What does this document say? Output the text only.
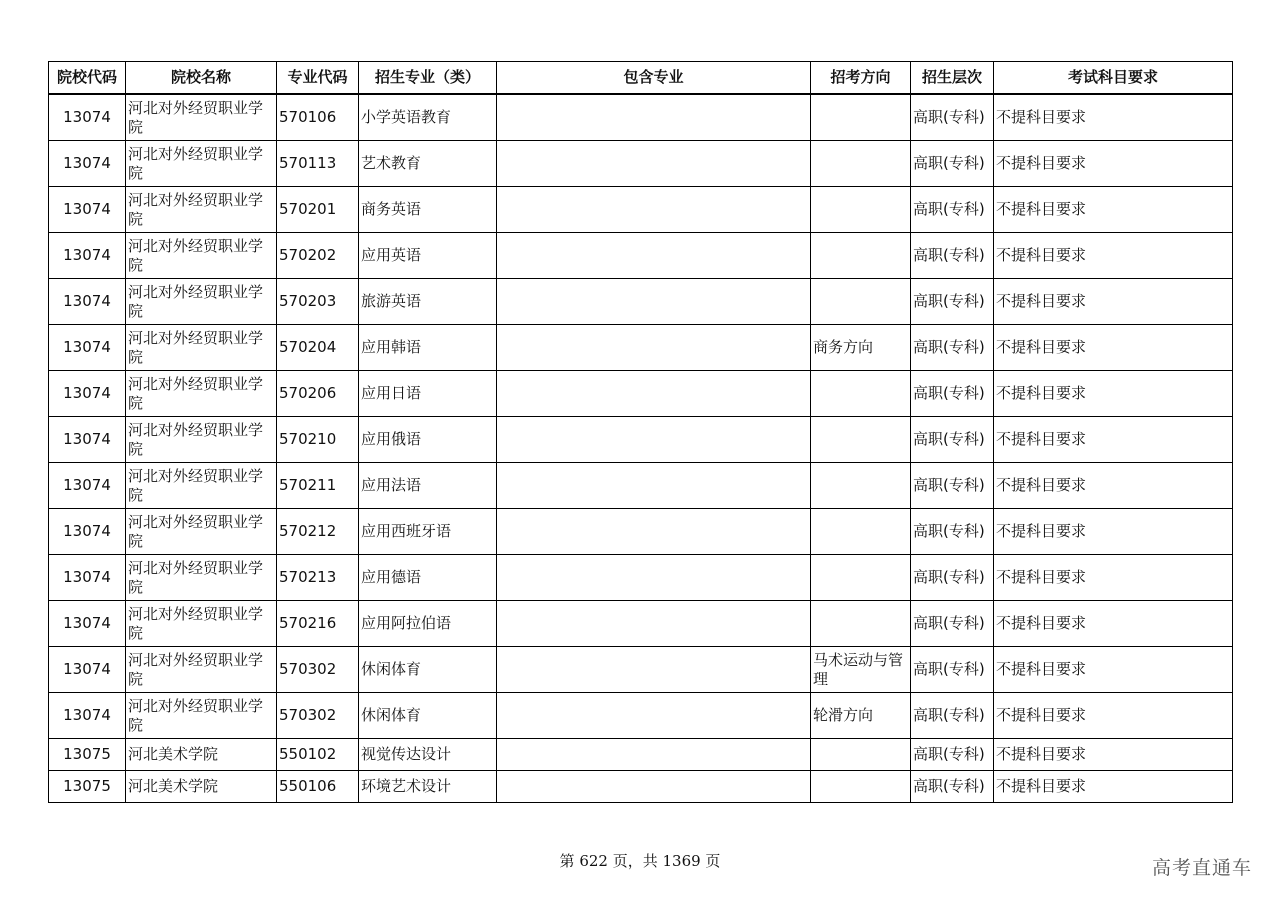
院校代码	院校名称	专业代码	招生专业（类）	包含专业	招考方向	招生层次	考试科目要求
13074	河北对外经贸职业学院	570106	小学英语教育			高职(专科)	不提科目要求
13074	河北对外经贸职业学院	570113	艺术教育			高职(专科)	不提科目要求
13074	河北对外经贸职业学院	570201	商务英语			高职(专科)	不提科目要求
13074	河北对外经贸职业学院	570202	应用英语			高职(专科)	不提科目要求
13074	河北对外经贸职业学院	570203	旅游英语			高职(专科)	不提科目要求
13074	河北对外经贸职业学院	570204	应用韩语		商务方向	高职(专科)	不提科目要求
13074	河北对外经贸职业学院	570206	应用日语			高职(专科)	不提科目要求
13074	河北对外经贸职业学院	570210	应用俄语			高职(专科)	不提科目要求
13074	河北对外经贸职业学院	570211	应用法语			高职(专科)	不提科目要求
13074	河北对外经贸职业学院	570212	应用西班牙语			高职(专科)	不提科目要求
13074	河北对外经贸职业学院	570213	应用德语			高职(专科)	不提科目要求
13074	河北对外经贸职业学院	570216	应用阿拉伯语			高职(专科)	不提科目要求
13074	河北对外经贸职业学院	570302	休闲体育		马术运动与管理	高职(专科)	不提科目要求
13074	河北对外经贸职业学院	570302	休闲体育		轮滑方向	高职(专科)	不提科目要求
13075	河北美术学院	550102	视觉传达设计			高职(专科)	不提科目要求
13075	河北美术学院	550106	环境艺术设计			高职(专科)	不提科目要求
第 622 页，共 1369 页	高考直通车
